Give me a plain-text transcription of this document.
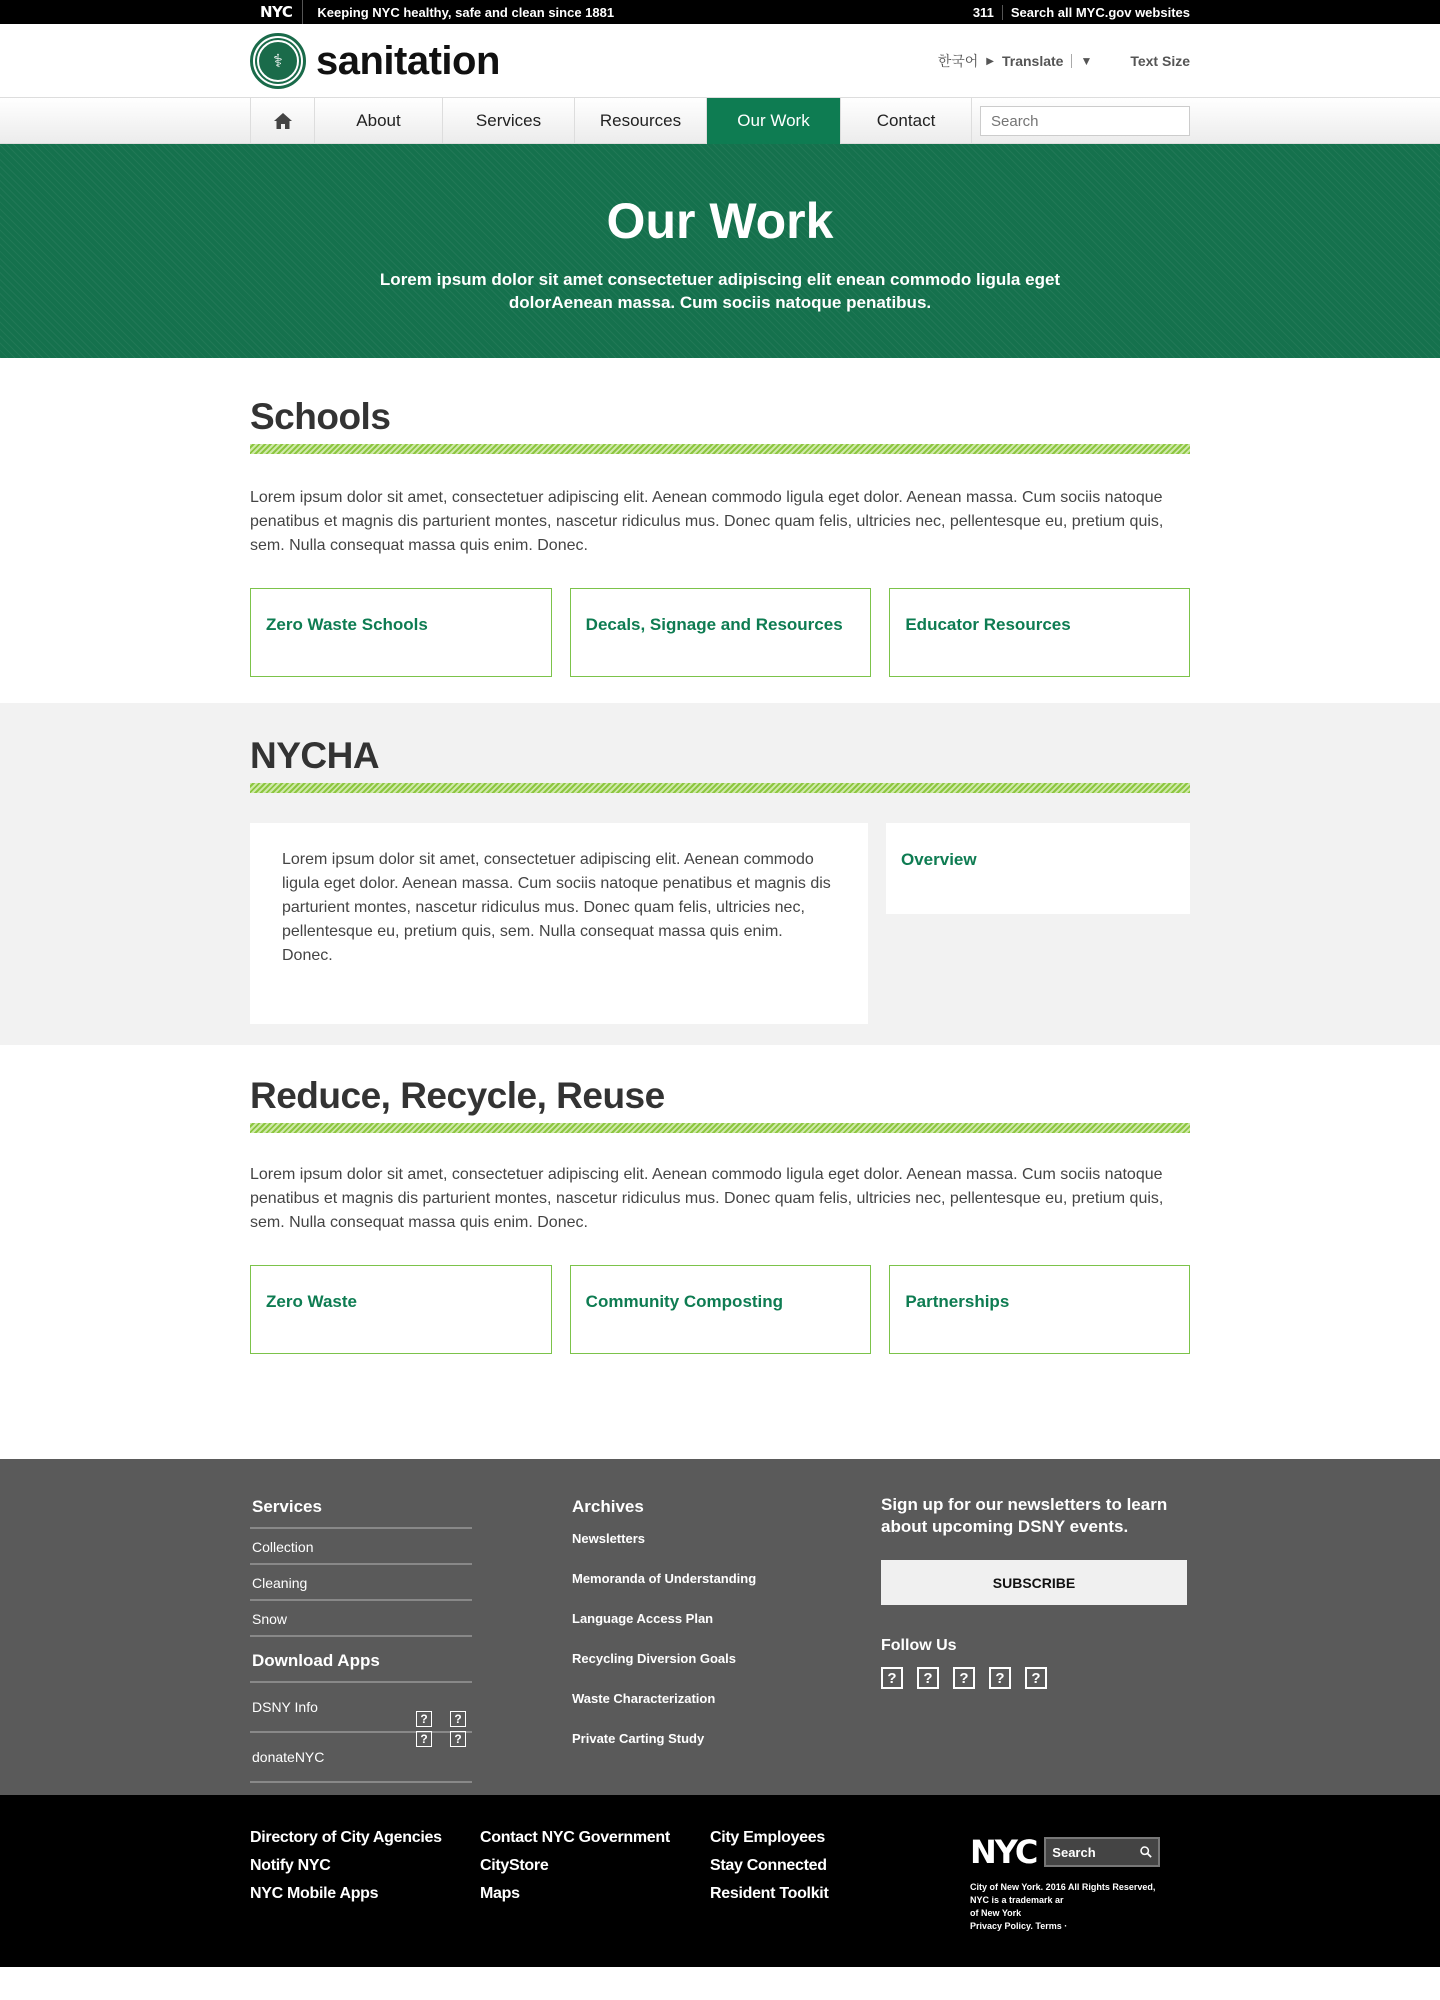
NYC	Keeping NYC healthy, safe and clean since 1881	311	Search all MYC.gov websites
⚕ sanitation	한국어 ▶ Translate ▼	Text Size
About	Services	Resources	Our Work	Contact
Search
Our Work

Lorem ipsum dolor sit amet consectetuer adipiscing elit enean commodo ligula eget dolorAenean massa. Cum sociis natoque penatibus.

Schools

Lorem ipsum dolor sit amet, consectetuer adipiscing elit. Aenean commodo ligula eget dolor. Aenean massa. Cum sociis natoque penatibus et magnis dis parturient montes, nascetur ridiculus mus. Donec quam felis, ultricies nec, pellentesque eu, pretium quis, sem. Nulla consequat massa quis enim. Donec.

Zero Waste Schools	Decals, Signage and Resources	Educator Resources
NYCHA
Lorem ipsum dolor sit amet, consectetuer adipiscing elit. Aenean commodo ligula eget dolor. Aenean massa. Cum sociis natoque penatibus et magnis dis parturient montes, nascetur ridiculus mus. Donec quam felis, ultricies nec, pellentesque eu, pretium quis, sem. Nulla consequat massa quis enim. Donec.
Overview
Reduce, Recycle, Reuse

Lorem ipsum dolor sit amet, consectetuer adipiscing elit. Aenean commodo ligula eget dolor. Aenean massa. Cum sociis natoque penatibus et magnis dis parturient montes, nascetur ridiculus mus. Donec quam felis, ultricies nec, pellentesque eu, pretium quis, sem. Nulla consequat massa quis enim. Donec.

Zero Waste	Community Composting	Partnerships
Services
Collection
Cleaning
Snow
Download Apps
DSNY Info
donateNYC
?	?
?	?
Archives
Newsletters
Memoranda of Understanding
Language Access Plan
Recycling Diversion Goals
Waste Characterization
Private Carting Study
Sign up for our newsletters to learn about upcoming DSNY events.
SUBSCRIBE
Follow Us
?	?	?	?	?
Directory of City Agencies
Notify NYC
NYC Mobile Apps
Contact NYC Government
CityStore
Maps
City Employees
Stay Connected
Resident Toolkit
NYC Search
City of New York. 2016 All Rights Reserved,
NYC is a trademark ar
of New York
Privacy Policy. Terms ·
